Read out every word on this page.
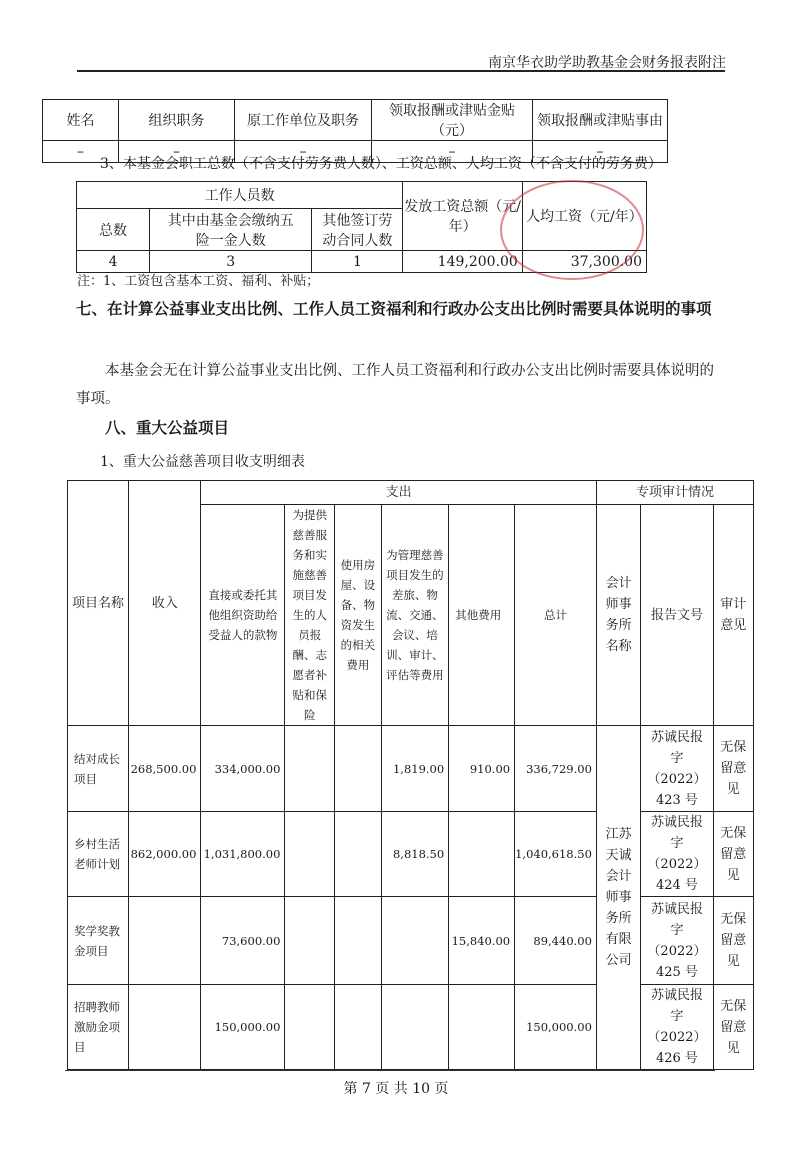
南京华衣助学助教基金会财务报表附注
姓名	组织职务	原工作单位及职务	领取报酬或津贴金贴（元）	领取报酬或津贴事由
–	–	–	–	–
3、本基金会职工总数（不含支付劳务费人数）、工资总额、人均工资（不含支付的劳务费）
工作人员数			发放工资总额（元/年）	人均工资（元/年）
总数	其中由基金会缴纳五险一金人数	其他签订劳动合同人数		
4	3	1	149,200.00	37,300.00
注：1、工资包含基本工资、福利、补贴；
七、在计算公益事业支出比例、工作人员工资福利和行政办公支出比例时需要具体说明的事项
本基金会无在计算公益事业支出比例、工作人员工资福利和行政办公支出比例时需要具体说明的事项。
八、重大公益项目
1、重大公益慈善项目收支明细表
项目名称	收入	支出						专项审计情况		
		直接或委托其他组织资助给受益人的款物	为提供慈善服务和实施慈善项目发生的人员报酬、志愿者补贴和保险	使用房屋、设备、物资发生的相关费用	为管理慈善项目发生的差旅、物流、交通、会议、培训、审计、评估等费用	其他费用	总计	会计师事务所名称	报告文号	审计意见
结对成长项目	268,500.00	334,000.00			1,819.00	910.00	336,729.00	江苏天诚会计师事务所有限公司	苏诚民报字（2022）423 号	无保留意见
乡村生活老师计划	862,000.00	1,031,800.00			8,818.50		1,040,618.50		苏诚民报字（2022）424 号	无保留意见
奖学奖教金项目		73,600.00				15,840.00	89,440.00		苏诚民报字（2022）425 号	无保留意见
招聘教师激励金项目		150,000.00					150,000.00		苏诚民报字（2022）426 号	无保留意见
第 7 页 共 10 页
